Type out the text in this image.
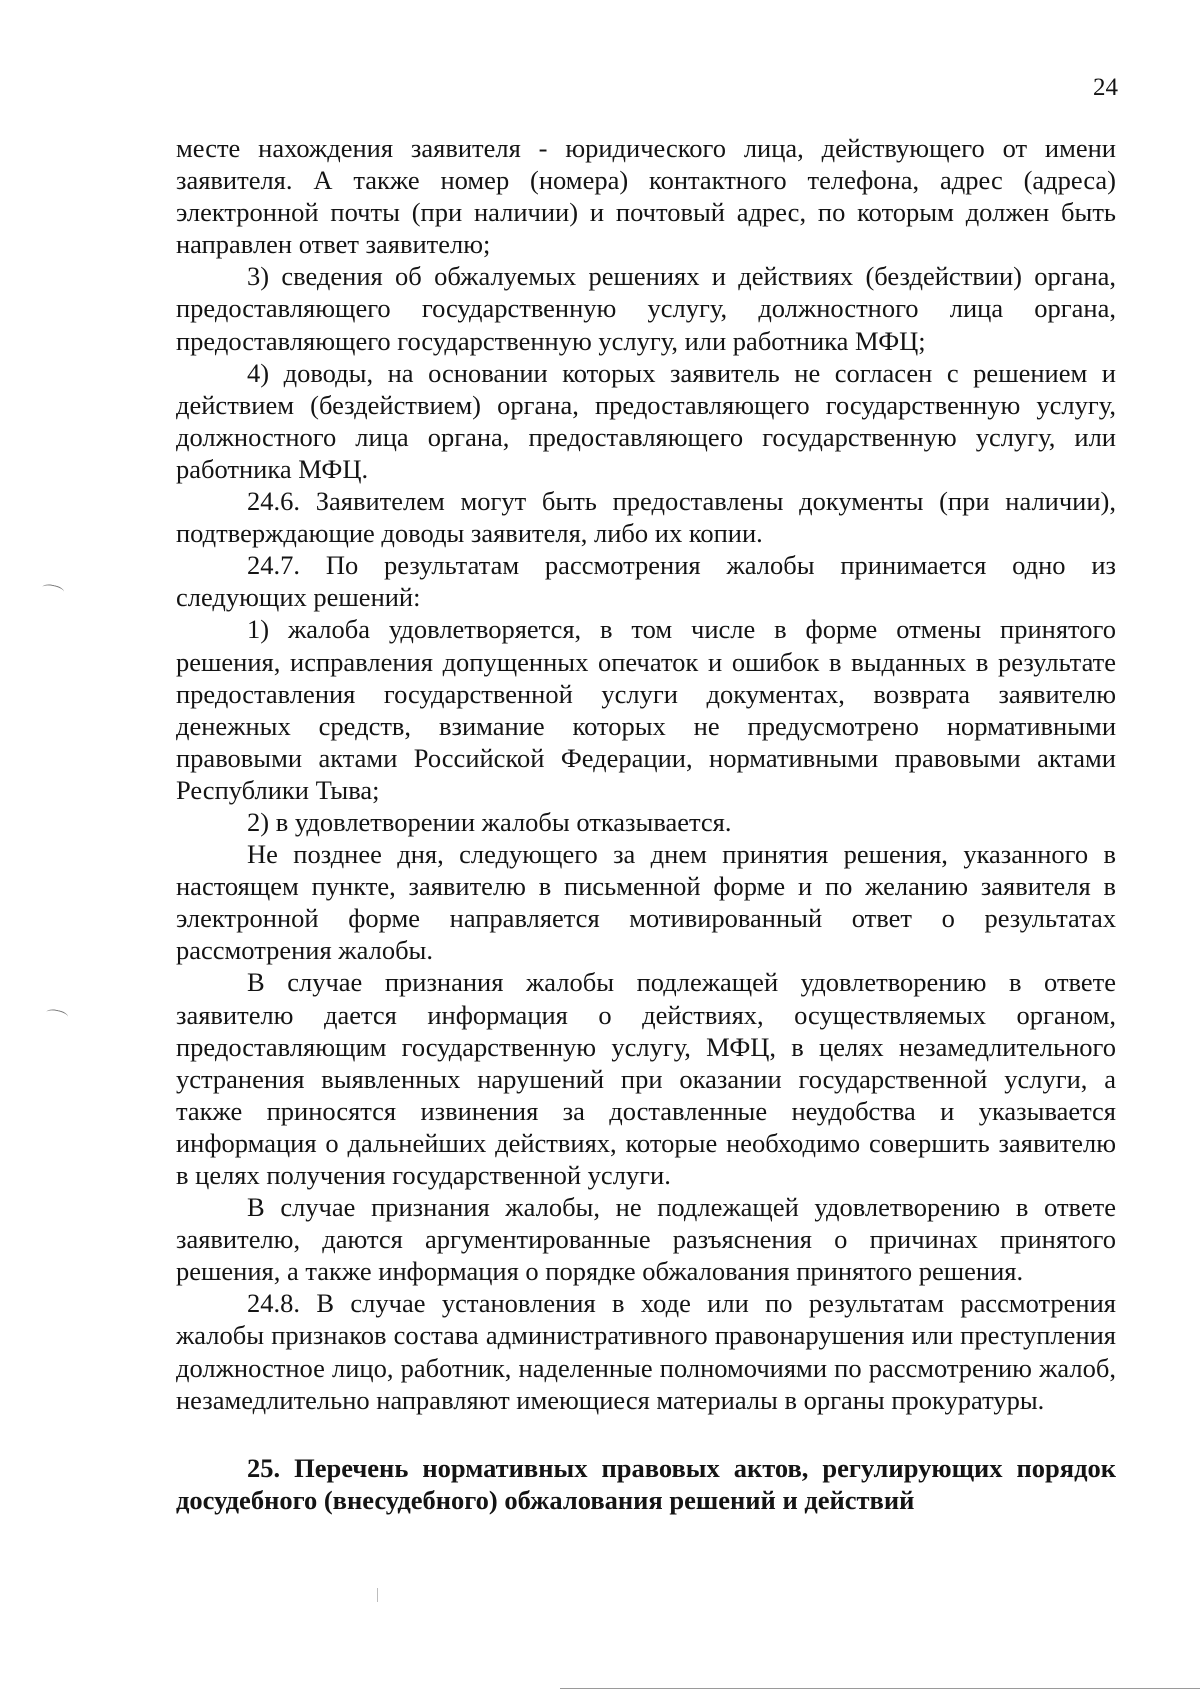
24

месте нахождения заявителя - юридического лица, действующего от имени заявителя. А также номер (номера) контактного телефона, адрес (адреса) электронной почты (при наличии) и почтовый адрес, по которым должен быть направлен ответ заявителю;

3) сведения об обжалуемых решениях и действиях (бездействии) органа, предоставляющего государственную услугу, должностного лица органа, предоставляющего государственную услугу, или работника МФЦ;

4) доводы, на основании которых заявитель не согласен с решением и действием (бездействием) органа, предоставляющего государственную услугу, должностного лица органа, предоставляющего государственную услугу, или работника МФЦ.

24.6. Заявителем могут быть предоставлены документы (при наличии), подтверждающие доводы заявителя, либо их копии.

24.7. По результатам рассмотрения жалобы принимается одно из следующих решений:

1) жалоба удовлетворяется, в том числе в форме отмены принятого решения, исправления допущенных опечаток и ошибок в выданных в результате предоставления государственной услуги документах, возврата заявителю денежных средств, взимание которых не предусмотрено нормативными правовыми актами Российской Федерации, нормативными правовыми актами Республики Тыва;

2) в удовлетворении жалобы отказывается.

Не позднее дня, следующего за днем принятия решения, указанного в настоящем пункте, заявителю в письменной форме и по желанию заявителя в электронной форме направляется мотивированный ответ о результатах рассмотрения жалобы.

В случае признания жалобы подлежащей удовлетворению в ответе заявителю дается информация о действиях, осуществляемых органом, предоставляющим государственную услугу, МФЦ, в целях незамедлительного устранения выявленных нарушений при оказании государственной услуги, а также приносятся извинения за доставленные неудобства и указывается информация о дальнейших действиях, которые необходимо совершить заявителю в целях получения государственной услуги.

В случае признания жалобы, не подлежащей удовлетворению в ответе заявителю, даются аргументированные разъяснения о причинах принятого решения, а также информация о порядке обжалования принятого решения.

24.8. В случае установления в ходе или по результатам рассмотрения жалобы признаков состава административного правонарушения или преступления должностное лицо, работник, наделенные полномочиями по рассмотрению жалоб, незамедлительно направляют имеющиеся материалы в органы прокуратуры.

25. Перечень нормативных правовых актов, регулирующих порядок досудебного (внесудебного) обжалования решений и действий
